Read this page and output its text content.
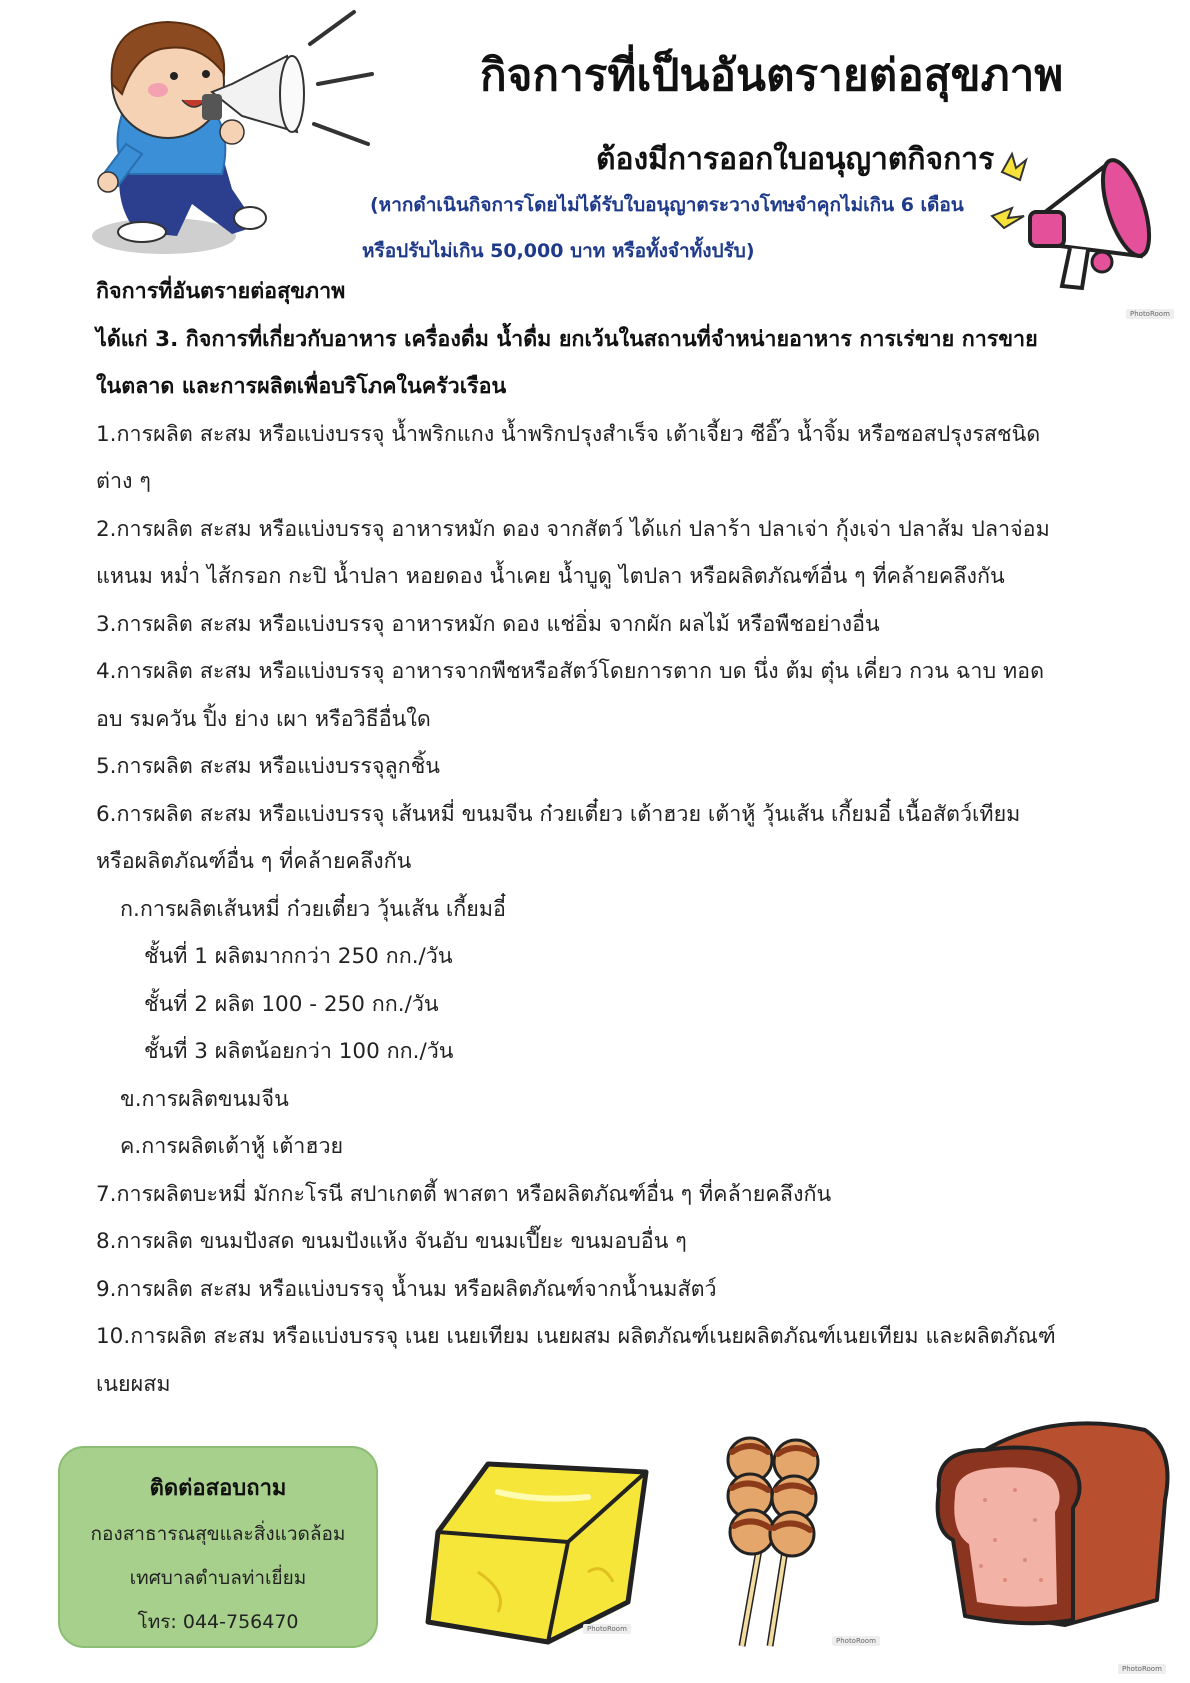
PhotoRoom
กิจการที่เป็นอันตรายต่อสุขภาพ
ต้องมีการออกใบอนุญาตกิจการ
(หากดำเนินกิจการโดยไม่ได้รับใบอนุญาตระวางโทษจำคุกไม่เกิน 6 เดือน
หรือปรับไม่เกิน 50,000 บาท หรือทั้งจำทั้งปรับ)
กิจการที่อันตรายต่อสุขภาพ
ได้แก่ 3. กิจการที่เกี่ยวกับอาหาร เครื่องดื่ม น้ำดื่ม ยกเว้นในสถานที่จำหน่ายอาหาร การเร่ขาย การขาย
ในตลาด และการผลิตเพื่อบริโภคในครัวเรือน
1.การผลิต สะสม หรือแบ่งบรรจุ น้ำพริกแกง น้ำพริกปรุงสำเร็จ เต้าเจี้ยว ซีอิ๊ว น้ำจิ้ม หรือซอสปรุงรสชนิด
ต่าง ๆ
2.การผลิต สะสม หรือแบ่งบรรจุ อาหารหมัก ดอง จากสัตว์ ได้แก่ ปลาร้า ปลาเจ่า กุ้งเจ่า ปลาส้ม ปลาจ่อม
แหนม หม่ำ ไส้กรอก กะปิ น้ำปลา หอยดอง น้ำเคย น้ำบูดู ไตปลา หรือผลิตภัณฑ์อื่น ๆ ที่คล้ายคลึงกัน
3.การผลิต สะสม หรือแบ่งบรรจุ อาหารหมัก ดอง แช่อิ่ม จากผัก ผลไม้ หรือพืชอย่างอื่น
4.การผลิต สะสม หรือแบ่งบรรจุ อาหารจากพืชหรือสัตว์โดยการตาก บด นึ่ง ต้ม ตุ๋น เคี่ยว กวน ฉาบ ทอด
อบ รมควัน ปิ้ง ย่าง เผา หรือวิธีอื่นใด
5.การผลิต สะสม หรือแบ่งบรรจุลูกชิ้น
6.การผลิต สะสม หรือแบ่งบรรจุ เส้นหมี่ ขนมจีน ก๋วยเตี๋ยว เต้าฮวย เต้าหู้ วุ้นเส้น เกี้ยมอี๋ เนื้อสัตว์เทียม
หรือผลิตภัณฑ์อื่น ๆ ที่คล้ายคลึงกัน
ก.การผลิตเส้นหมี่ ก๋วยเตี๋ยว วุ้นเส้น เกี้ยมอี๋
ชั้นที่ 1 ผลิตมากกว่า 250 กก./วัน
ชั้นที่ 2 ผลิต 100 - 250 กก./วัน
ชั้นที่ 3 ผลิตน้อยกว่า 100 กก./วัน
ข.การผลิตขนมจีน
ค.การผลิตเต้าหู้ เต้าฮวย
7.การผลิตบะหมี่ มักกะโรนี สปาเกตตี้ พาสตา หรือผลิตภัณฑ์อื่น ๆ ที่คล้ายคลึงกัน
8.การผลิต ขนมปังสด ขนมปังแห้ง จันอับ ขนมเปี๊ยะ ขนมอบอื่น ๆ
9.การผลิต สะสม หรือแบ่งบรรจุ น้ำนม หรือผลิตภัณฑ์จากน้ำนมสัตว์
10.การผลิต สะสม หรือแบ่งบรรจุ เนย เนยเทียม เนยผสม ผลิตภัณฑ์เนยผลิตภัณฑ์เนยเทียม และผลิตภัณฑ์
เนยผสม
ติดต่อสอบถาม
กองสาธารณสุขและสิ่งแวดล้อม
เทศบาลตำบลท่าเยี่ยม
โทร: 044-756470	PhotoRoom
PhotoRoom
PhotoRoom
